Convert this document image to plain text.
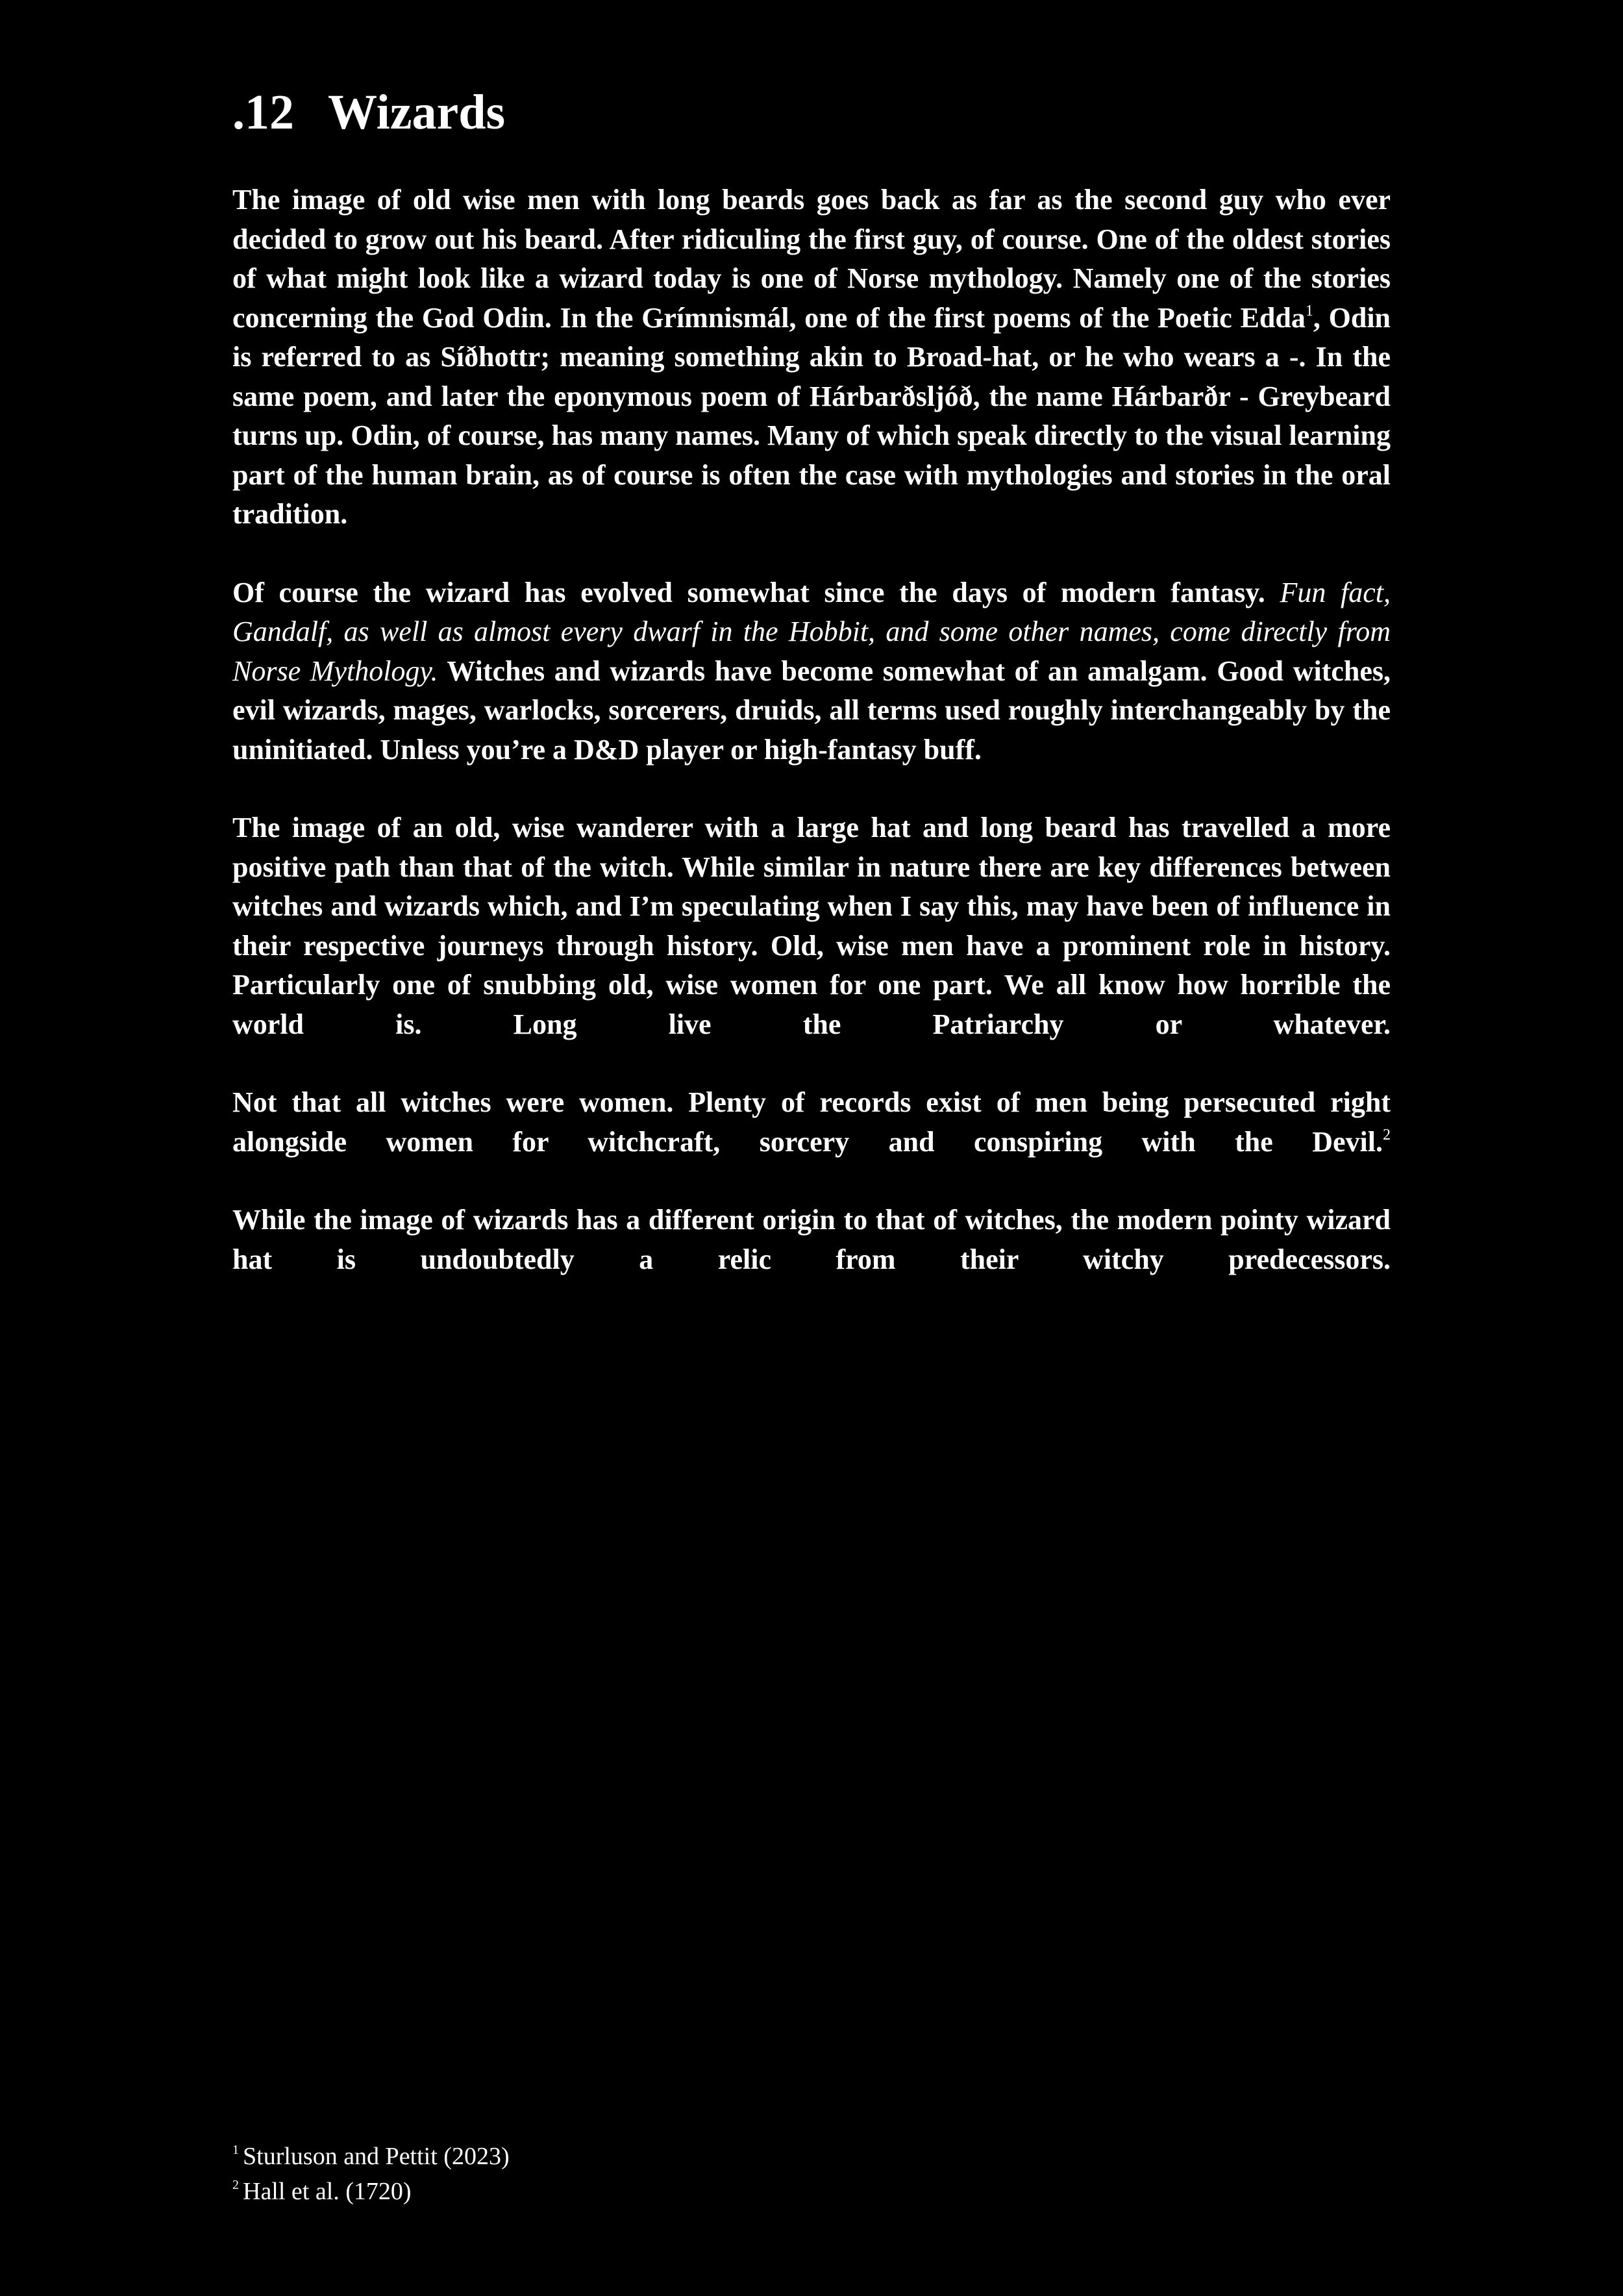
.12 Wizards

The image of old wise men with long beards goes back as far as the second guy who ever decided to grow out his beard. After ridiculing the first guy, of course. One of the oldest stories of what might look like a wizard today is one of Norse mythology. Namely one of the stories concerning the God Odin. In the Grímnismál, one of the first poems of the Poetic Edda$^1$, Odin is referred to as Síðhottr; meaning something akin to Broad-hat, or he who wears a -. In the same poem, and later the eponymous poem of Hárbarðsljóð, the name Hárbarðr - Greybeard turns up. Odin, of course, has many names. Many of which speak directly to the visual learning part of the human brain, as of course is often the case with mythologies and stories in the oral tradition.

Of course the wizard has evolved somewhat since the days of modern fantasy. Fun fact, Gandalf, as well as almost every dwarf in the Hobbit, and some other names, come directly from Norse Mythology. Witches and wizards have become somewhat of an amalgam. Good witches, evil wizards, mages, warlocks, sorcerers, druids, all terms used roughly interchangeably by the uninitiated. Unless you’re a D&D player or high-fantasy buff.

The image of an old, wise wanderer with a large hat and long beard has travelled a more positive path than that of the witch. While similar in nature there are key differences between witches and wizards which, and I’m speculating when I say this, may have been of influence in their respective journeys through history. Old, wise men have a prominent role in history. Particularly one of snubbing old, wise women for one part. We all know how horrible the world is. Long live the Patriarchy or whatever.

Not that all witches were women. Plenty of records exist of men being persecuted right alongside women for witchcraft, sorcery and conspiring with the Devil.$^2$

While the image of wizards has a different origin to that of witches, the modern pointy wizard hat is undoubtedly a relic from their witchy predecessors.

$^1$ Sturluson and Pettit (2023)
$^2$ Hall et al. (1720)
